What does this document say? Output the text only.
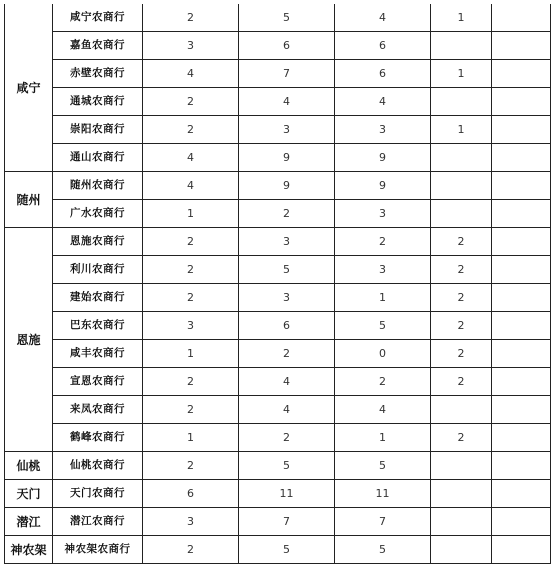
咸宁	咸宁农商行	2	5	4	1	
	嘉鱼农商行	3	6	6		
	赤壁农商行	4	7	6	1	
	通城农商行	2	4	4		
	崇阳农商行	2	3	3	1	
	通山农商行	4	9	9		
随州	随州农商行	4	9	9		
	广水农商行	1	2	3		
恩施	恩施农商行	2	3	2	2	
	利川农商行	2	5	3	2	
	建始农商行	2	3	1	2	
	巴东农商行	3	6	5	2	
	咸丰农商行	1	2	0	2	
	宣恩农商行	2	4	2	2	
	来凤农商行	2	4	4		
	鹤峰农商行	1	2	1	2	
仙桃	仙桃农商行	2	5	5		
天门	天门农商行	6	11	11		
潜江	潜江农商行	3	7	7		
神农架	神农架农商行	2	5	5		
